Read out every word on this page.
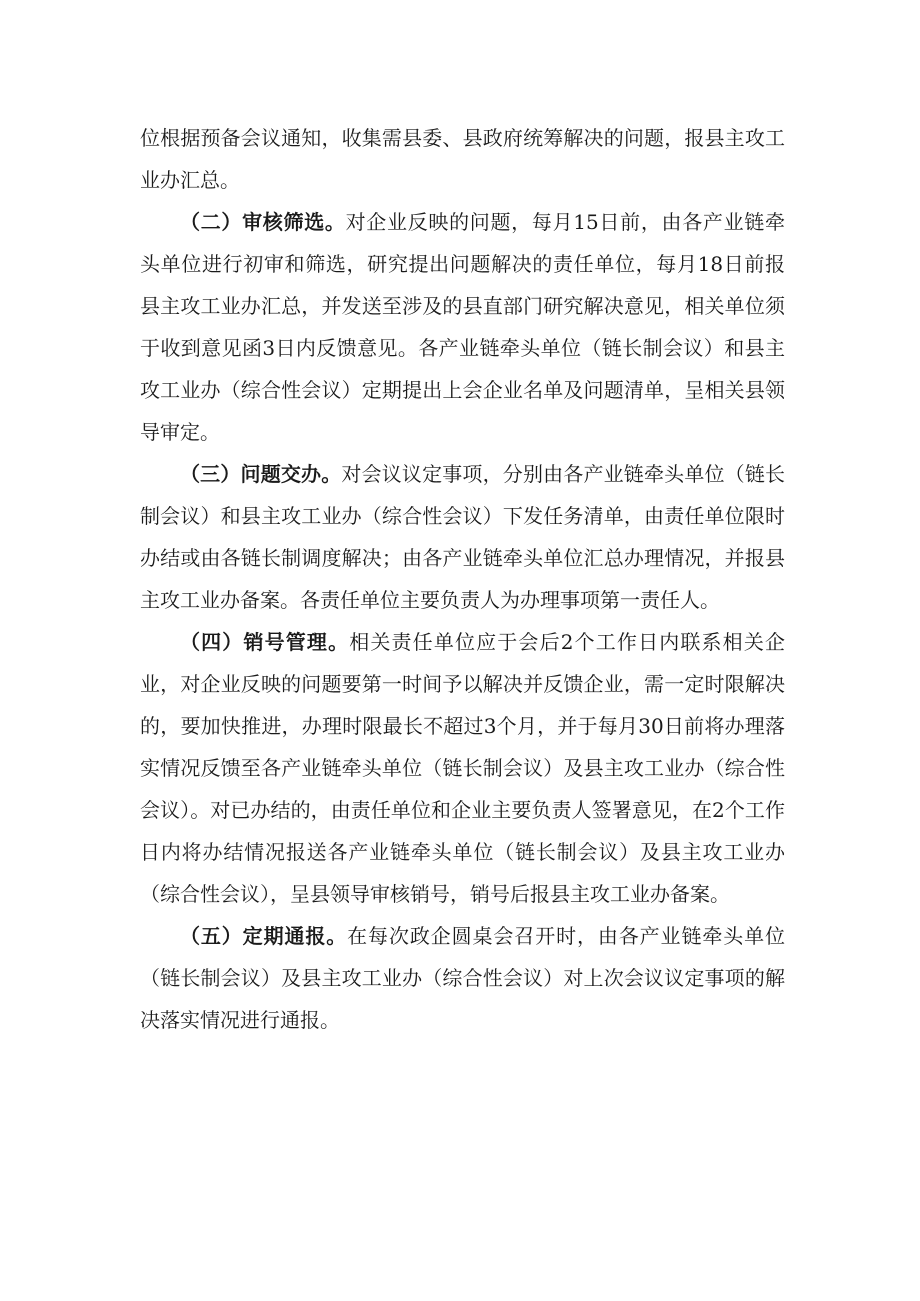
位根据预备会议通知，收集需县委、县政府统筹解决的问题，报县主攻工业办汇总。

（二）审核筛选。对企业反映的问题，每月15日前，由各产业链牵头单位进行初审和筛选，研究提出问题解决的责任单位，每月18日前报县主攻工业办汇总，并发送至涉及的县直部门研究解决意见，相关单位须于收到意见函3日内反馈意见。各产业链牵头单位（链长制会议）和县主攻工业办（综合性会议）定期提出上会企业名单及问题清单，呈相关县领导审定。

（三）问题交办。对会议议定事项，分别由各产业链牵头单位（链长制会议）和县主攻工业办（综合性会议）下发任务清单，由责任单位限时办结或由各链长制调度解决；由各产业链牵头单位汇总办理情况，并报县主攻工业办备案。各责任单位主要负责人为办理事项第一责任人。

（四）销号管理。相关责任单位应于会后2个工作日内联系相关企业，对企业反映的问题要第一时间予以解决并反馈企业，需一定时限解决的，要加快推进，办理时限最长不超过3个月，并于每月30日前将办理落实情况反馈至各产业链牵头单位（链长制会议）及县主攻工业办（综合性会议）。对已办结的，由责任单位和企业主要负责人签署意见，在2个工作日内将办结情况报送各产业链牵头单位（链长制会议）及县主攻工业办（综合性会议），呈县领导审核销号，销号后报县主攻工业办备案。

（五）定期通报。在每次政企圆桌会召开时，由各产业链牵头单位（链长制会议）及县主攻工业办（综合性会议）对上次会议议定事项的解决落实情况进行通报。
